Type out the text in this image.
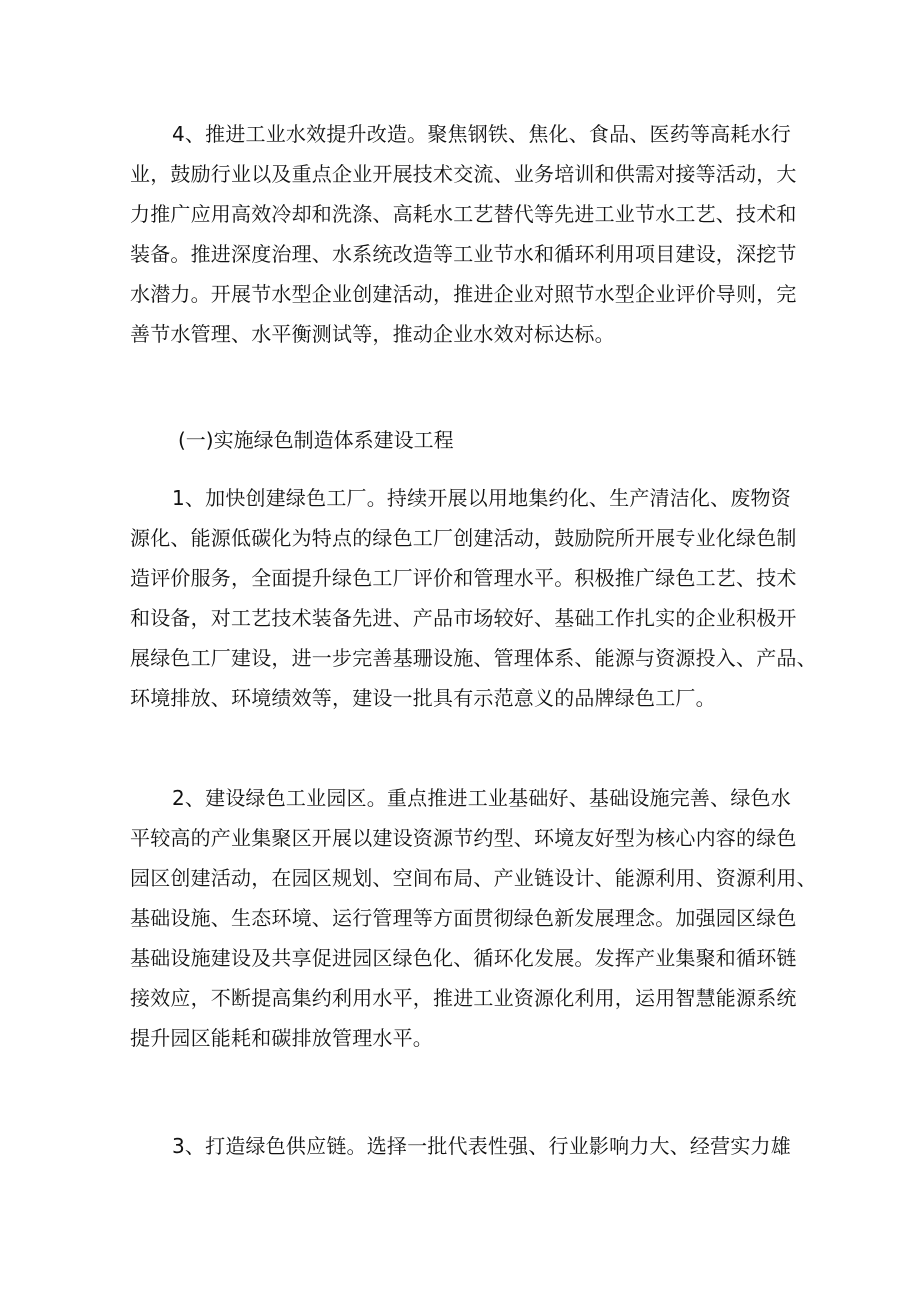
4、推进工业水效提升改造。聚焦钢铁、焦化、食品、医药等高耗水行
业，鼓励行业以及重点企业开展技术交流、业务培训和供需对接等活动，大
力推广应用高效冷却和洗涤、高耗水工艺替代等先进工业节水工艺、技术和
装备。推进深度治理、水系统改造等工业节水和循环利用项目建设，深挖节
水潜力。开展节水型企业创建活动，推进企业对照节水型企业评价导则，完
善节水管理、水平衡测试等，推动企业水效对标达标。
(一)实施绿色制造体系建设工程
1、加快创建绿色工厂。持续开展以用地集约化、生产清洁化、废物资
源化、能源低碳化为特点的绿色工厂创建活动，鼓励院所开展专业化绿色制
造评价服务，全面提升绿色工厂评价和管理水平。积极推广绿色工艺、技术
和设备，对工艺技术装备先进、产品市场较好、基础工作扎实的企业积极开
展绿色工厂建设，进一步完善基珊设施、管理体系、能源与资源投入、产品、
环境排放、环境绩效等，建设一批具有示范意义的品牌绿色工厂。
2、建设绿色工业园区。重点推进工业基础好、基础设施完善、绿色水
平较高的产业集聚区开展以建设资源节约型、环境友好型为核心内容的绿色
园区创建活动，在园区规划、空间布局、产业链设计、能源利用、资源利用、
基础设施、生态环境、运行管理等方面贯彻绿色新发展理念。加强园区绿色
基础设施建设及共享促进园区绿色化、循环化发展。发挥产业集聚和循环链
接效应，不断提高集约利用水平，推进工业资源化利用，运用智慧能源系统
提升园区能耗和碳排放管理水平。
3、打造绿色供应链。选择一批代表性强、行业影响力大、经营实力雄
